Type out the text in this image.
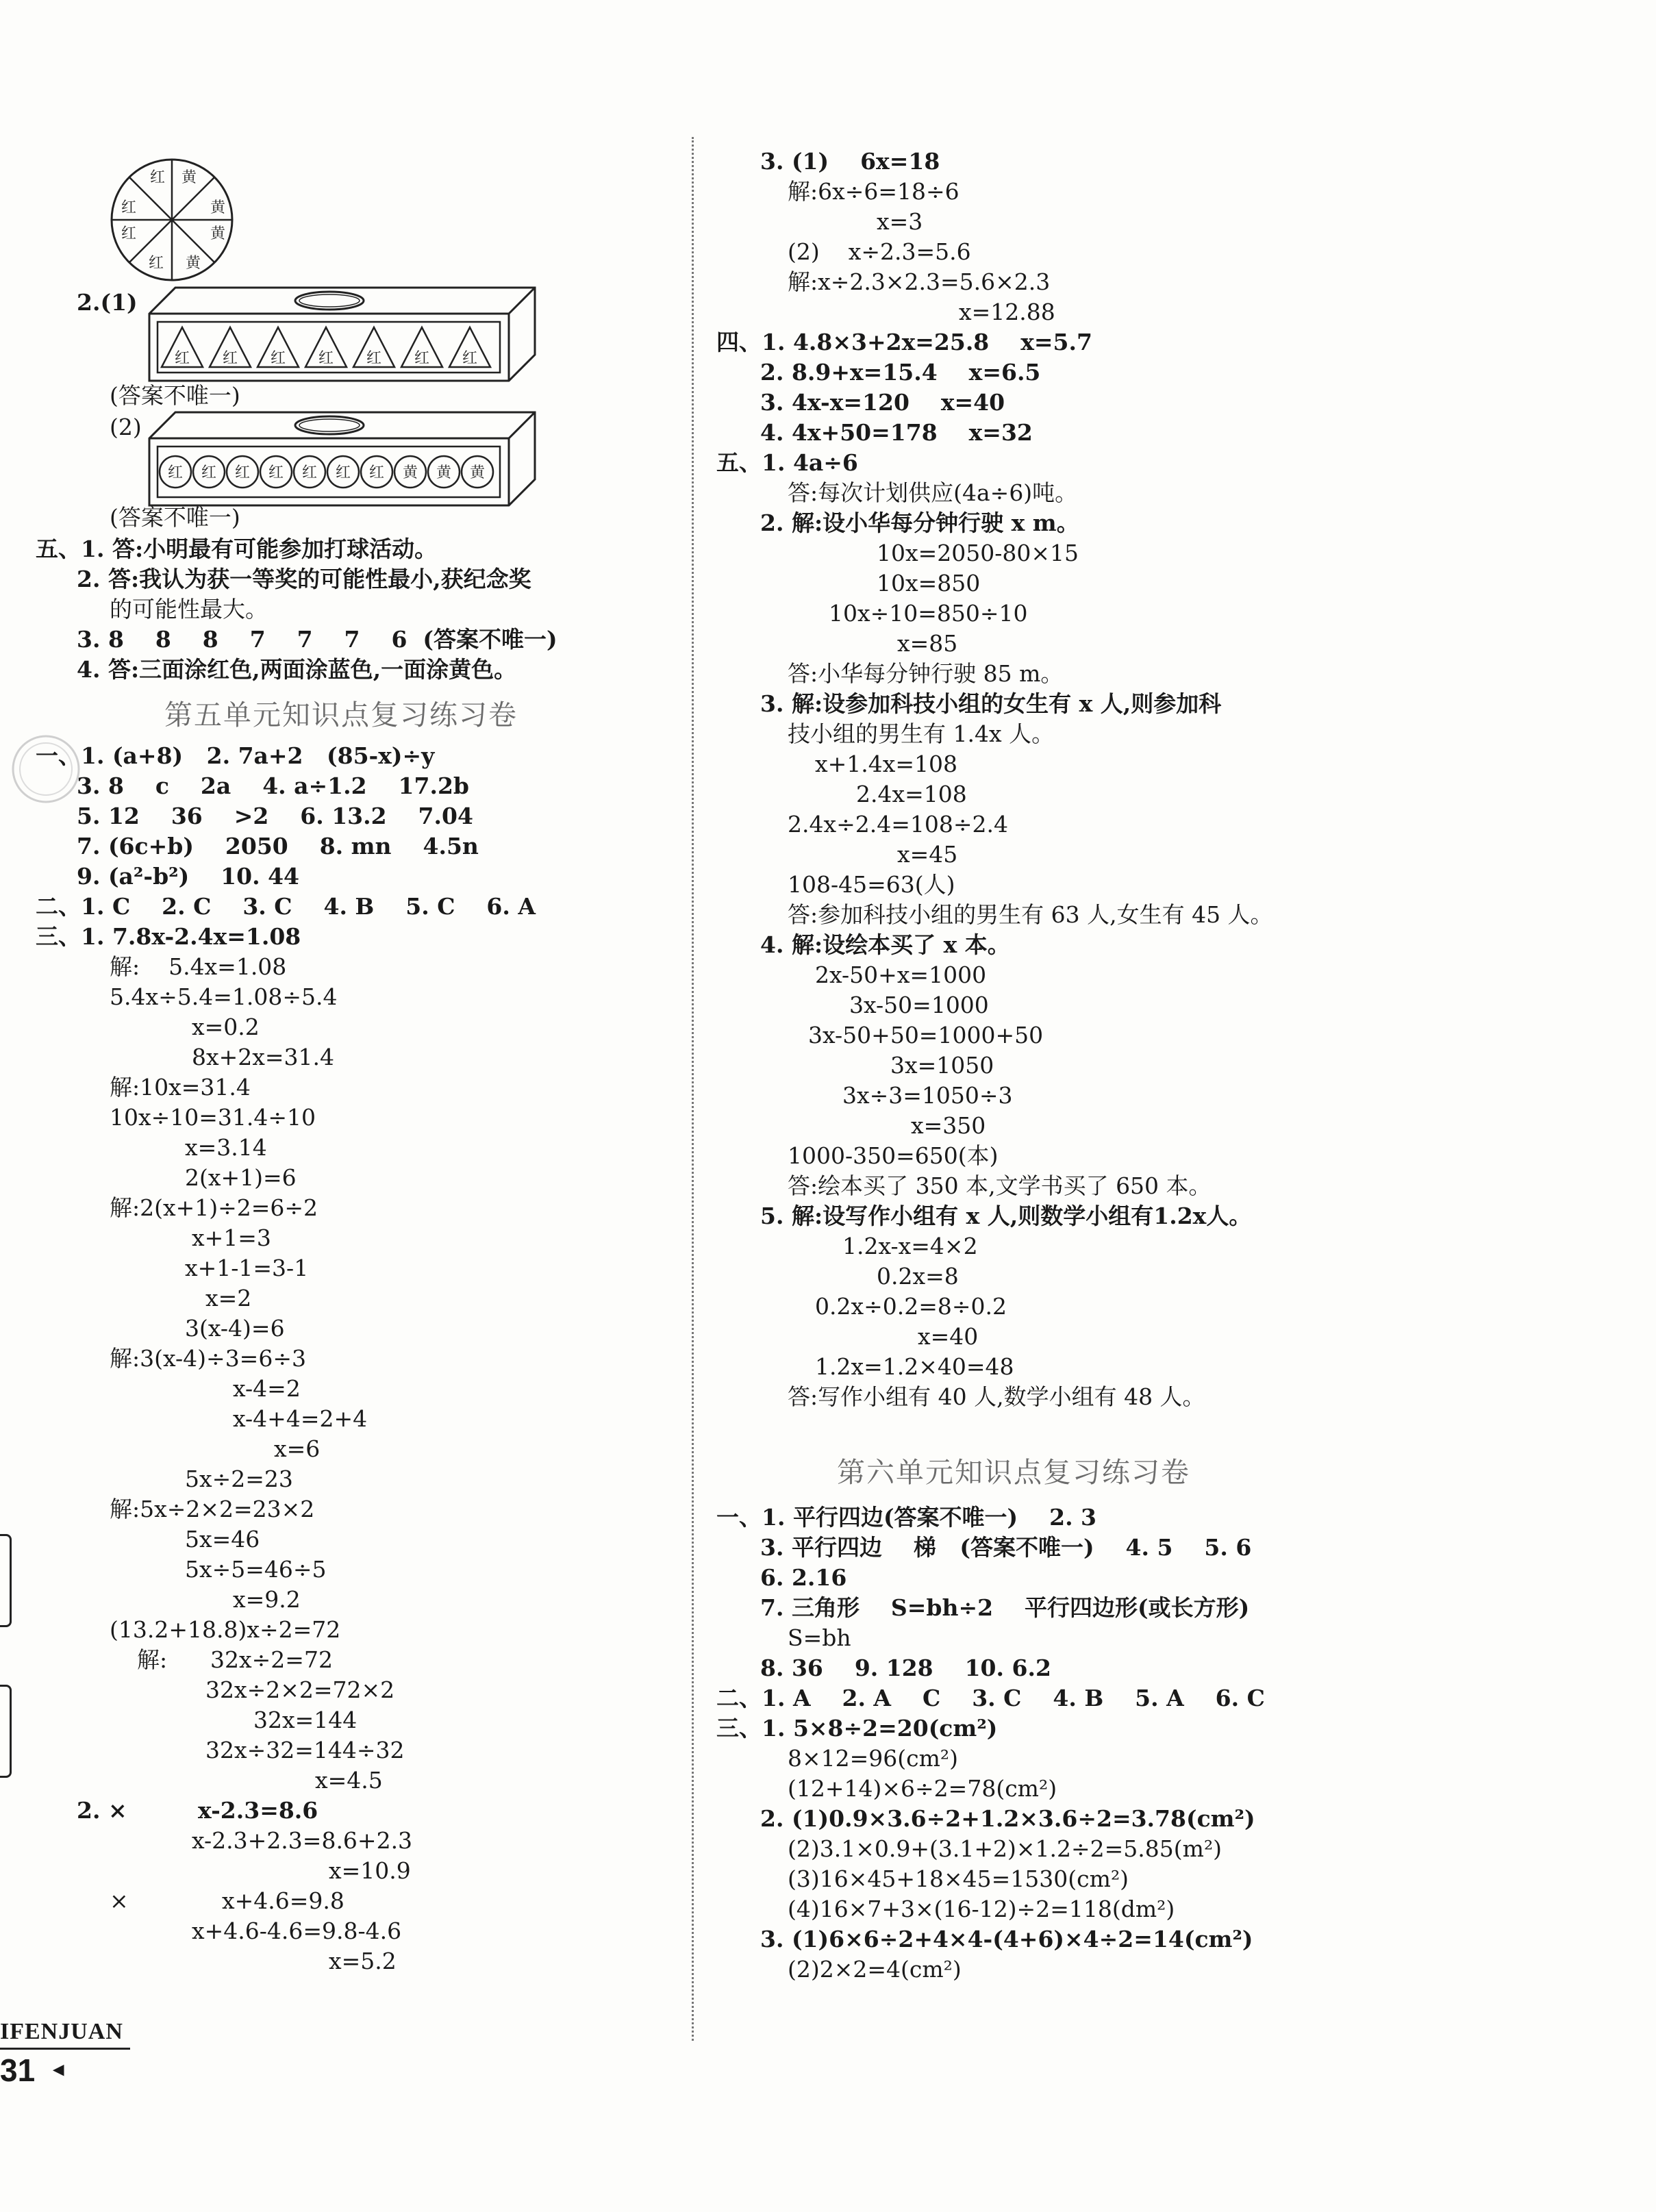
黄
黄
黄
黄
红
红
红
红
2.(1)
红 红 红 红 红 红 红
(答案不唯一)
(2)
红 红 红 红 红 红 红 黄 黄 黄
(答案不唯一)
五、1. 答:小明最有可能参加打球活动。
2. 答:我认为获一等奖的可能性最小,获纪念奖
的可能性最大。
3. 8    8    8    7    7    7    6  (答案不唯一)
4. 答:三面涂红色,两面涂蓝色,一面涂黄色。
第五单元知识点复习练习卷
一、1. (a+8)   2. 7a+2   (85-x)÷y
3. 8    c    2a    4. a÷1.2    17.2b
5. 12    36    >2    6. 13.2    7.04
7. (6c+b)    2050    8. mn    4.5n
9. (a²-b²)    10. 44
二、1. C    2. C    3. C    4. B    5. C    6. A
三、1. 7.8x-2.4x=1.08
解:    5.4x=1.08
5.4x÷5.4=1.08÷5.4
x=0.2
8x+2x=31.4
解:10x=31.4
10x÷10=31.4÷10
x=3.14
2(x+1)=6
解:2(x+1)÷2=6÷2
x+1=3
x+1-1=3-1
x=2
3(x-4)=6
解:3(x-4)÷3=6÷3
x-4=2
x-4+4=2+4
x=6
5x÷2=23
解:5x÷2×2=23×2
5x=46
5x÷5=46÷5
x=9.2
(13.2+18.8)x÷2=72
解:      32x÷2=72
32x÷2×2=72×2
32x=144
32x÷32=144÷32
x=4.5
2. ×         x-2.3=8.6
x-2.3+2.3=8.6+2.3
x=10.9
×             x+4.6=9.8
x+4.6-4.6=9.8-4.6
x=5.2
IFENJUAN
31 ◂
3. (1)    6x=18
解:6x÷6=18÷6
x=3
(2)    x÷2.3=5.6
解:x÷2.3×2.3=5.6×2.3
x=12.88
四、1. 4.8×3+2x=25.8    x=5.7
2. 8.9+x=15.4    x=6.5
3. 4x-x=120    x=40
4. 4x+50=178    x=32
五、1. 4a÷6
答:每次计划供应(4a÷6)吨。
2. 解:设小华每分钟行驶 x m。
10x=2050-80×15
10x=850
10x÷10=850÷10
x=85
答:小华每分钟行驶 85 m。
3. 解:设参加科技小组的女生有 x 人,则参加科
技小组的男生有 1.4x 人。
x+1.4x=108
2.4x=108
2.4x÷2.4=108÷2.4
x=45
108-45=63(人)
答:参加科技小组的男生有 63 人,女生有 45 人。
4. 解:设绘本买了 x 本。
2x-50+x=1000
3x-50=1000
3x-50+50=1000+50
3x=1050
3x÷3=1050÷3
x=350
1000-350=650(本)
答:绘本买了 350 本,文学书买了 650 本。
5. 解:设写作小组有 x 人,则数学小组有1.2x人。
1.2x-x=4×2
0.2x=8
0.2x÷0.2=8÷0.2
x=40
1.2x=1.2×40=48
答:写作小组有 40 人,数学小组有 48 人。
第六单元知识点复习练习卷
一、1. 平行四边(答案不唯一)    2. 3
3. 平行四边    梯   (答案不唯一)    4. 5    5. 6
6. 2.16
7. 三角形    S=bh÷2    平行四边形(或长方形)
S=bh
8. 36    9. 128    10. 6.2
二、1. A    2. A    C    3. C    4. B    5. A    6. C
三、1. 5×8÷2=20(cm²)
8×12=96(cm²)
(12+14)×6÷2=78(cm²)
2. (1)0.9×3.6÷2+1.2×3.6÷2=3.78(cm²)
(2)3.1×0.9+(3.1+2)×1.2÷2=5.85(m²)
(3)16×45+18×45=1530(cm²)
(4)16×7+3×(16-12)÷2=118(dm²)
3. (1)6×6÷2+4×4-(4+6)×4÷2=14(cm²)
(2)2×2=4(cm²)
